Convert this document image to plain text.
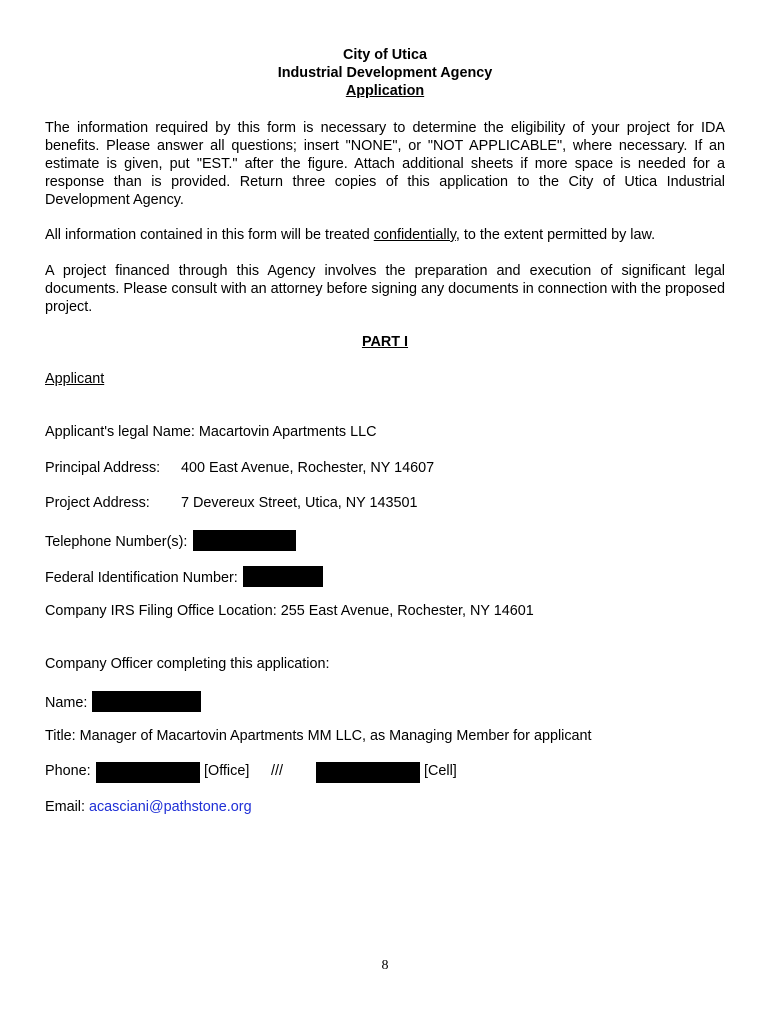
City of Utica
Industrial Development Agency
Application

The information required by this form is necessary to determine the eligibility of your project for IDA benefits. Please answer all questions; insert "NONE", or "NOT APPLICABLE", where necessary. If an estimate is given, put "EST." after the figure. Attach additional sheets if more space is needed for a response than is provided. Return three copies of this application to the City of Utica Industrial Development Agency.

All information contained in this form will be treated confidentially, to the extent permitted by law.

A project financed through this Agency involves the preparation and execution of significant legal documents. Please consult with an attorney before signing any documents in connection with the proposed project.

PART I
Applicant
Applicant's legal Name: Macartovin Apartments LLC
Principal Address: 400 East Avenue, Rochester, NY 14607
Project Address: 7 Devereux Street, Utica, NY 143501
Telephone Number(s):
Federal Identification Number:
Company IRS Filing Office Location: 255 East Avenue, Rochester, NY 14601
Company Officer completing this application:
Name:
Title: Manager of Macartovin Apartments MM LLC, as Managing Member for applicant
Phone:	[Office] ///	[Cell]
Email: acasciani@pathstone.org
8
